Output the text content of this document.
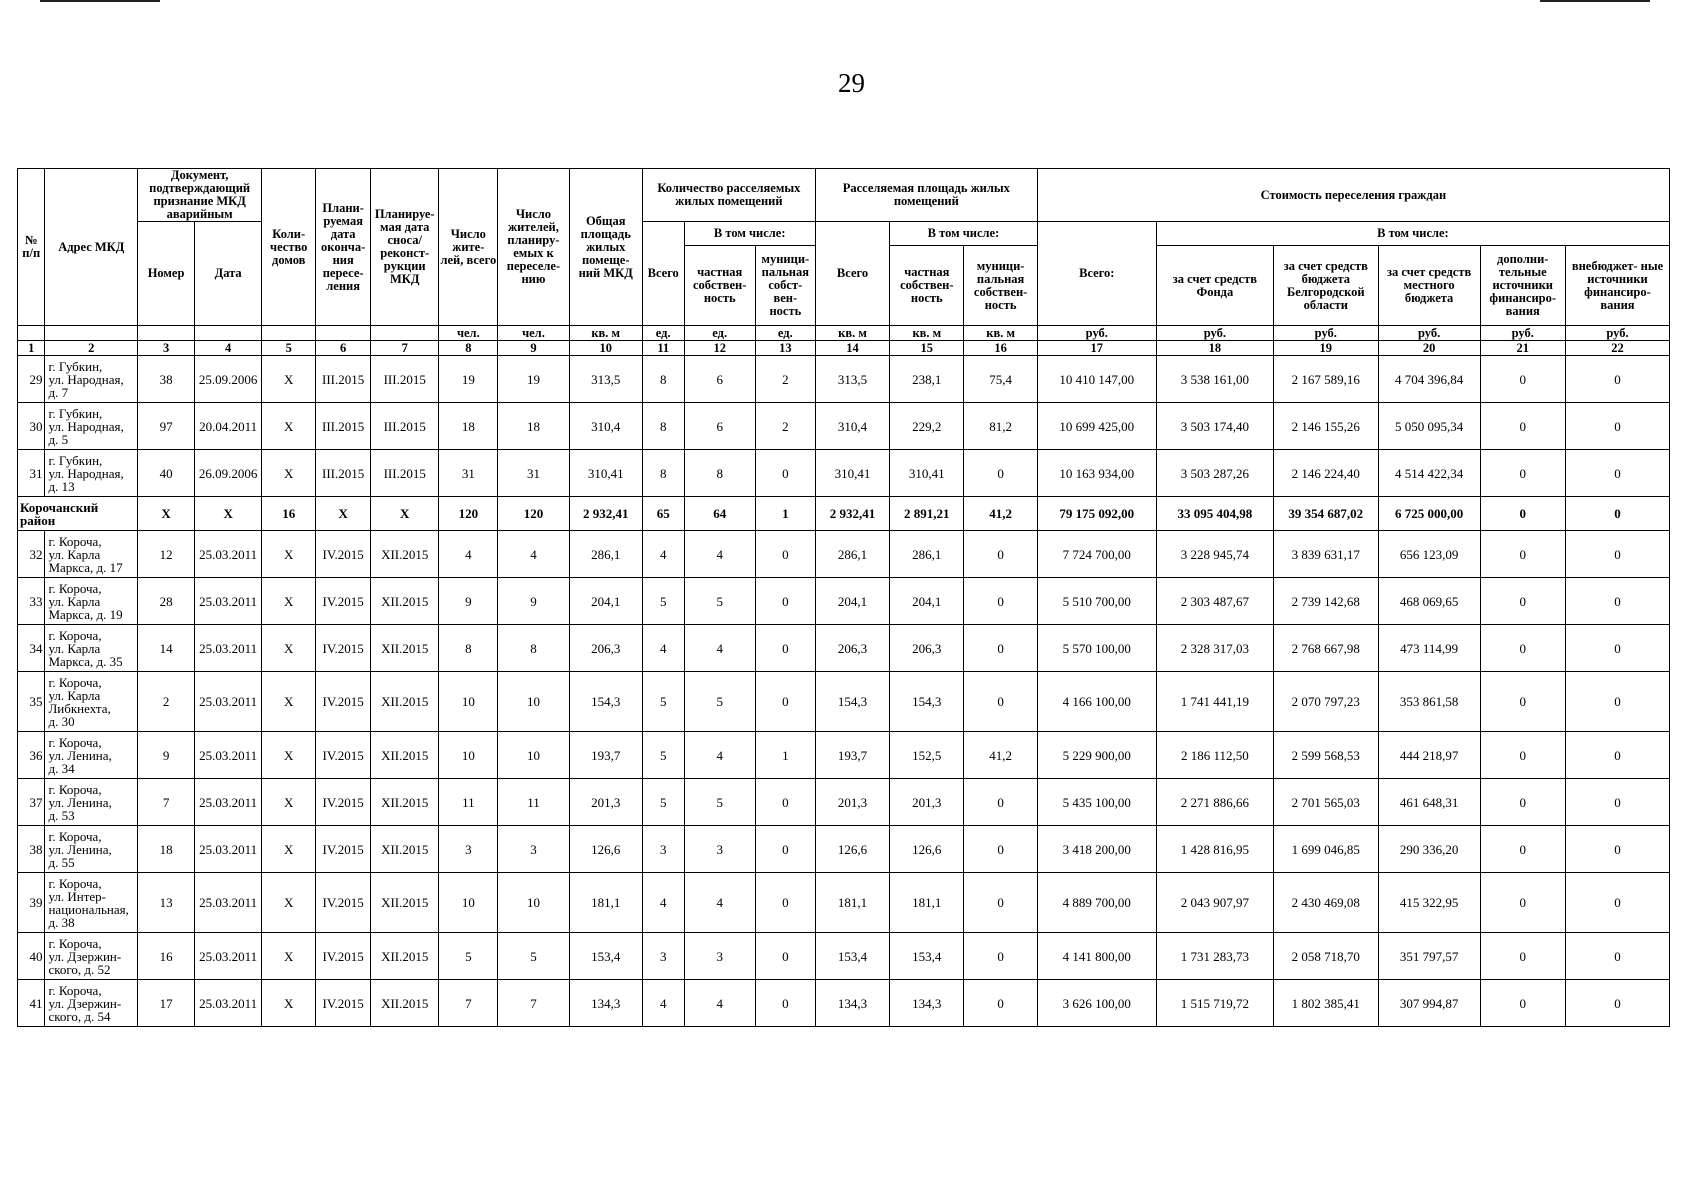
29
№ п/п	Адрес МКД	Документ, подтверждающий признание МКД аварийным		Коли- чество домов	Плани- руемая дата оконча- ния пересе- ления	Планируе- мая дата сноса/ реконст- рукции МКД	Число жите- лей, всего	Число жителей, планиру- емых к переселе- нию	Общая площадь жилых помеще- ний МКД	Количество расселяемых жилых помещений			Расселяемая площадь жилых помещений			Стоимость переселения граждан					
		Номер	Дата							Всего	В том числе:		Всего	В том числе:		Всего:	В том числе:				
											частная собствен- ность	муници- пальная собст- вен- ность		частная собствен- ность	муници- пальная собствен- ность		за счет средств Фонда	за счет средств бюджета Белгородской области	за счет средств местного бюджета	дополни- тельные источники финансиро- вания	внебюджет- ные источники финансиро- вания
							чел.	чел.	кв. м	ед.	ед.	ед.	кв. м	кв. м	кв. м	руб.	руб.	руб.	руб.	руб.	руб.
1	2	3	4	5	6	7	8	9	10	11	12	13	14	15	16	17	18	19	20	21	22
29	г. Губкин,
ул. Народная,
д. 7	38	25.09.2006	X	III.2015	III.2015	19	19	313,5	8	6	2	313,5	238,1	75,4	10 410 147,00	3 538 161,00	2 167 589,16	4 704 396,84	0	0
30	г. Губкин,
ул. Народная,
д. 5	97	20.04.2011	X	III.2015	III.2015	18	18	310,4	8	6	2	310,4	229,2	81,2	10 699 425,00	3 503 174,40	2 146 155,26	5 050 095,34	0	0
31	г. Губкин,
ул. Народная,
д. 13	40	26.09.2006	X	III.2015	III.2015	31	31	310,41	8	8	0	310,41	310,41	0	10 163 934,00	3 503 287,26	2 146 224,40	4 514 422,34	0	0
Корочанский район		X	X	16	X	X	120	120	2 932,41	65	64	1	2 932,41	2 891,21	41,2	79 175 092,00	33 095 404,98	39 354 687,02	6 725 000,00	0	0
32	г. Короча,
ул. Карла
Маркса, д. 17	12	25.03.2011	X	IV.2015	XII.2015	4	4	286,1	4	4	0	286,1	286,1	0	7 724 700,00	3 228 945,74	3 839 631,17	656 123,09	0	0
33	г. Короча,
ул. Карла
Маркса, д. 19	28	25.03.2011	X	IV.2015	XII.2015	9	9	204,1	5	5	0	204,1	204,1	0	5 510 700,00	2 303 487,67	2 739 142,68	468 069,65	0	0
34	г. Короча,
ул. Карла
Маркса, д. 35	14	25.03.2011	X	IV.2015	XII.2015	8	8	206,3	4	4	0	206,3	206,3	0	5 570 100,00	2 328 317,03	2 768 667,98	473 114,99	0	0
35	г. Короча,
ул. Карла
Либкнехта,
д. 30	2	25.03.2011	X	IV.2015	XII.2015	10	10	154,3	5	5	0	154,3	154,3	0	4 166 100,00	1 741 441,19	2 070 797,23	353 861,58	0	0
36	г. Короча,
ул. Ленина,
д. 34	9	25.03.2011	X	IV.2015	XII.2015	10	10	193,7	5	4	1	193,7	152,5	41,2	5 229 900,00	2 186 112,50	2 599 568,53	444 218,97	0	0
37	г. Короча,
ул. Ленина,
д. 53	7	25.03.2011	X	IV.2015	XII.2015	11	11	201,3	5	5	0	201,3	201,3	0	5 435 100,00	2 271 886,66	2 701 565,03	461 648,31	0	0
38	г. Короча,
ул. Ленина,
д. 55	18	25.03.2011	X	IV.2015	XII.2015	3	3	126,6	3	3	0	126,6	126,6	0	3 418 200,00	1 428 816,95	1 699 046,85	290 336,20	0	0
39	г. Короча,
ул. Интер-
национальная,
д. 38	13	25.03.2011	X	IV.2015	XII.2015	10	10	181,1	4	4	0	181,1	181,1	0	4 889 700,00	2 043 907,97	2 430 469,08	415 322,95	0	0
40	г. Короча,
ул. Дзержин-
ского, д. 52	16	25.03.2011	X	IV.2015	XII.2015	5	5	153,4	3	3	0	153,4	153,4	0	4 141 800,00	1 731 283,73	2 058 718,70	351 797,57	0	0
41	г. Короча,
ул. Дзержин-
ского, д. 54	17	25.03.2011	X	IV.2015	XII.2015	7	7	134,3	4	4	0	134,3	134,3	0	3 626 100,00	1 515 719,72	1 802 385,41	307 994,87	0	0
